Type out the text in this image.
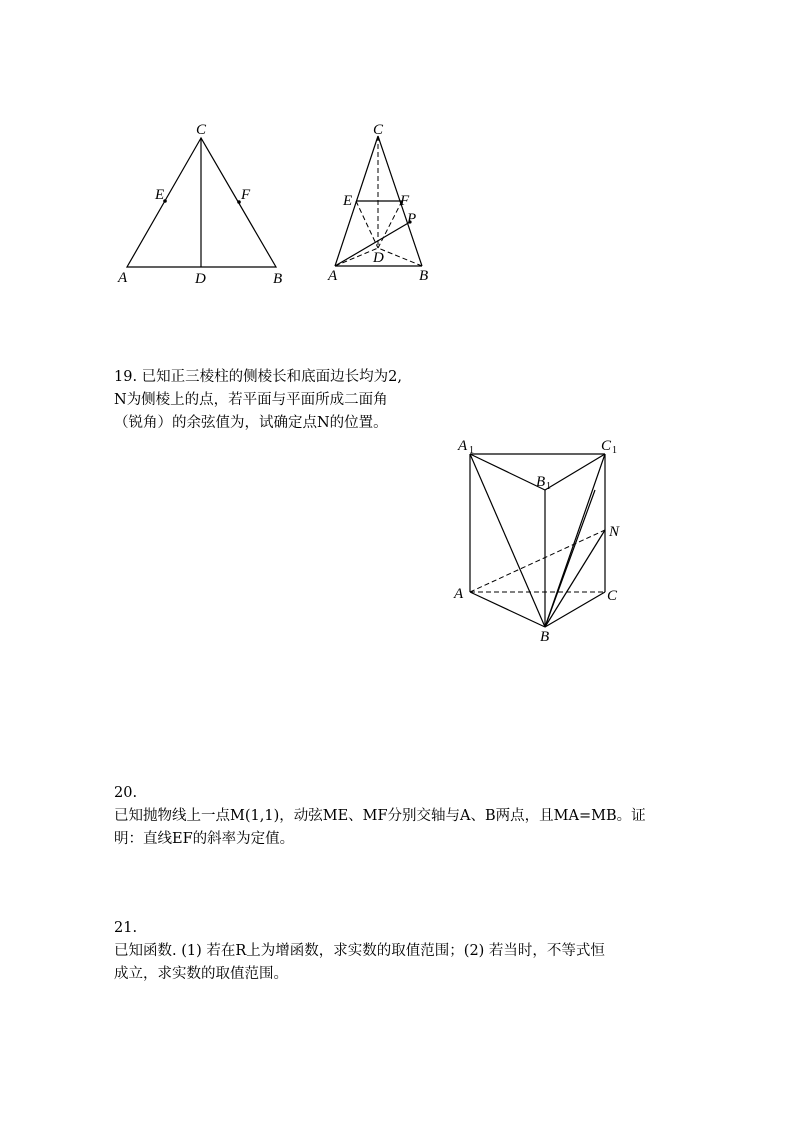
C
E	F
A	D	B
C
E	F
P
D
A	B
19. 已知正三棱柱的侧棱长和底面边长均为2,
N为侧棱上的点，若平面与平面所成二面角
（锐角）的余弦值为，试确定点N的位置。
A 1	C 1
B 1
N
A	C
B
20.
已知抛物线上一点M(1,1)，动弦ME、MF分别交轴与A、B两点，且MA=MB。证
明：直线EF的斜率为定值。
21.
已知函数. (1) 若在R上为增函数，求实数的取值范围；(2) 若当时，不等式恒
成立，求实数的取值范围。
